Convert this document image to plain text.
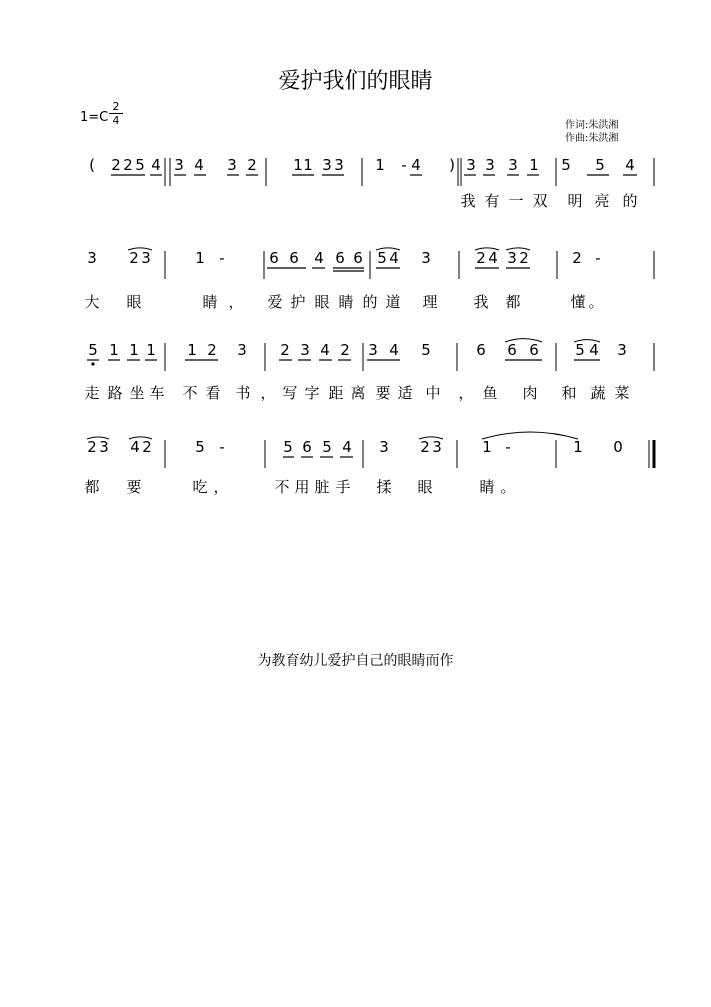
爱护我们的眼睛
$1=C \frac{2}{4}$	作词:朱洪湘
作曲:朱洪湘
( 2 2 5 4 3 4 3 2 1 1 3 3 1 - 4 ) 3 3 3 1 5 5 4
我 有 一 双 明 亮 的
3 2 3	1 -	6 6 4 6 6 5 4 3	2 4 3 2	2 -
大 眼	睛 ， 爱 护 眼 睛 的 道 理 我 都	懂 。
5 1 1 1 1 2 3 2 3 4 2 3 4 5	6 6 6 5 4 3
走 路 坐 车 不 看 书 ， 写 字 距 离 要 适 中 ， 鱼 肉 和 蔬 菜
2 3 4 2	5 -	5 6 5 4 3 2 3	1 -	1 0
都 要	吃 ，	不 用 脏 手 揉 眼	睛 。
为教育幼儿爱护自己的眼睛而作
